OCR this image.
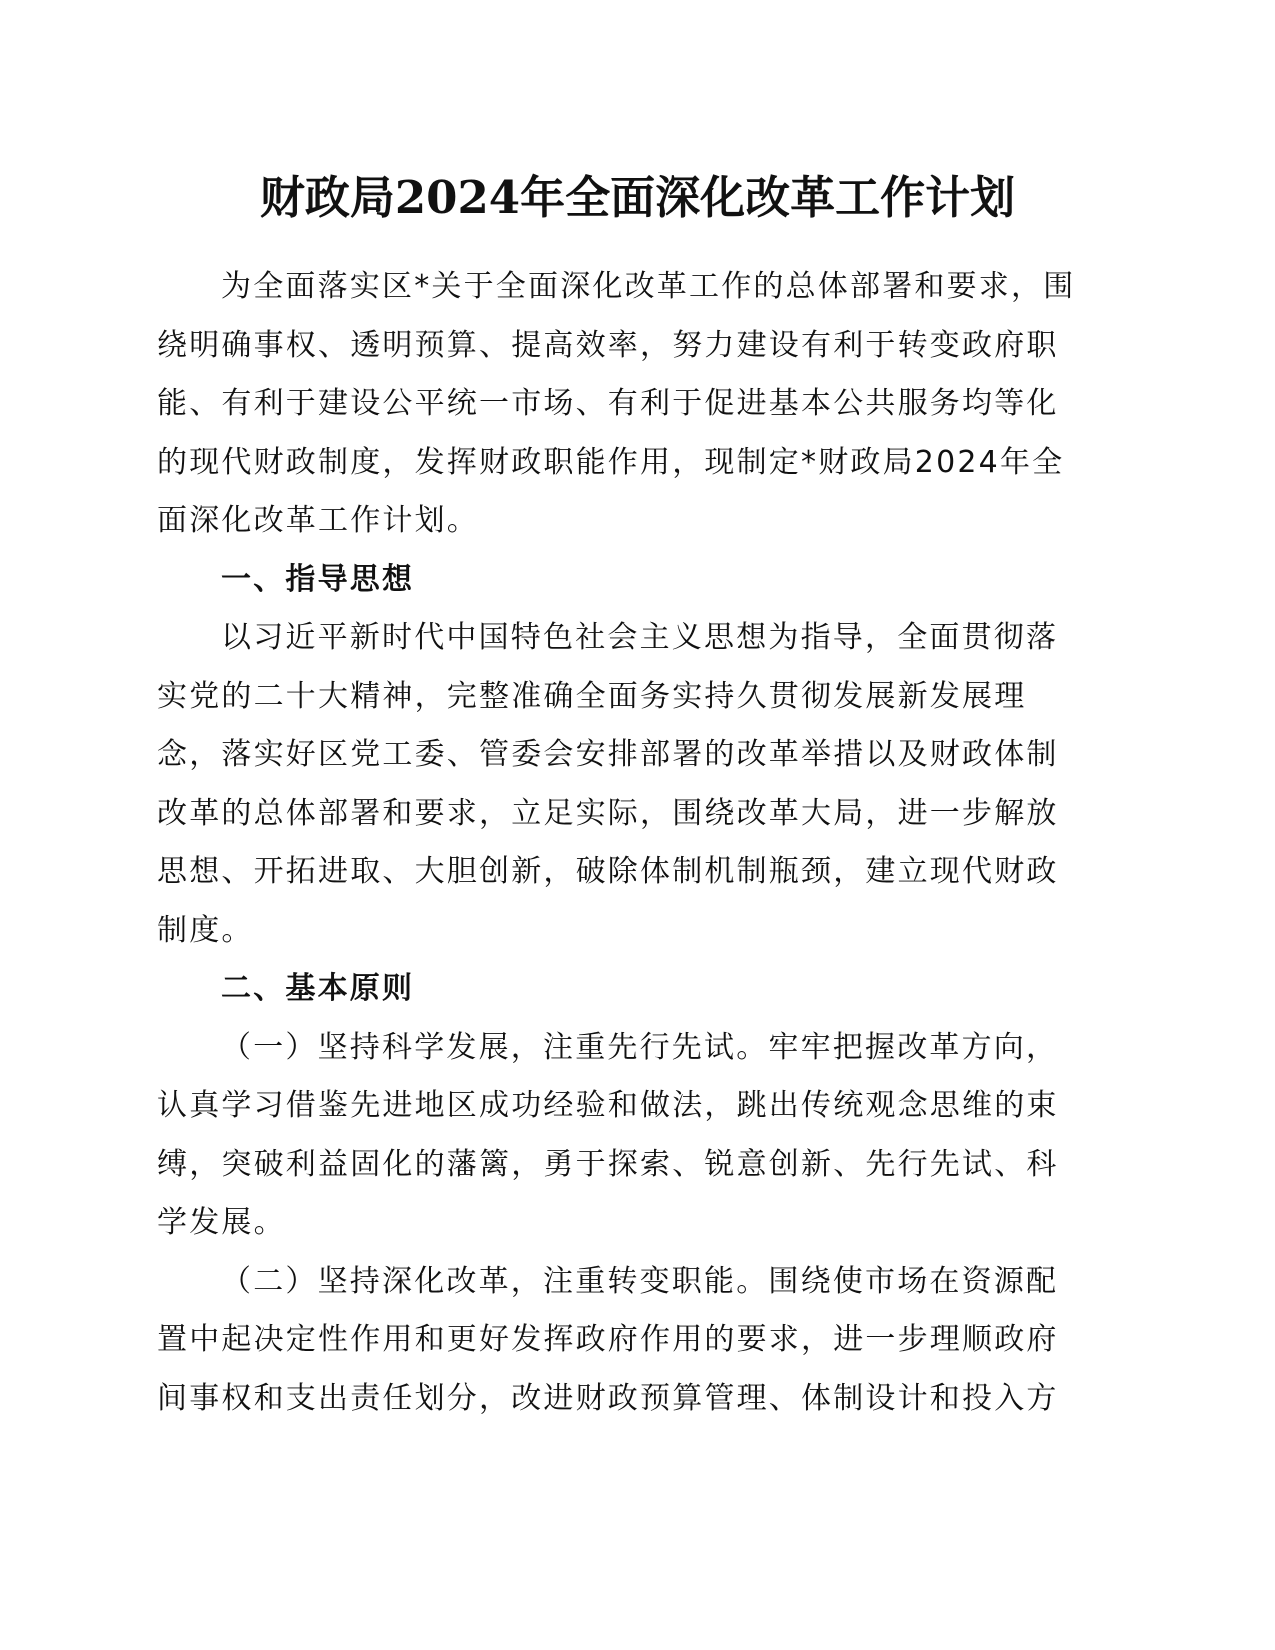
财政局2024年全面深化改革工作计划
为全面落实区*关于全面深化改革工作的总体部署和要求，围
绕明确事权、透明预算、提高效率，努力建设有利于转变政府职
能、有利于建设公平统一市场、有利于促进基本公共服务均等化
的现代财政制度，发挥财政职能作用，现制定*财政局2024年全
面深化改革工作计划。
一、指导思想
以习近平新时代中国特色社会主义思想为指导，全面贯彻落
实党的二十大精神，完整准确全面务实持久贯彻发展新发展理
念，落实好区党工委、管委会安排部署的改革举措以及财政体制
改革的总体部署和要求，立足实际，围绕改革大局，进一步解放
思想、开拓进取、大胆创新，破除体制机制瓶颈，建立现代财政
制度。
二、基本原则
（一）坚持科学发展，注重先行先试。牢牢把握改革方向，
认真学习借鉴先进地区成功经验和做法，跳出传统观念思维的束
缚，突破利益固化的藩篱，勇于探索、锐意创新、先行先试、科
学发展。
（二）坚持深化改革，注重转变职能。围绕使市场在资源配
置中起决定性作用和更好发挥政府作用的要求，进一步理顺政府
间事权和支出责任划分，改进财政预算管理、体制设计和投入方
